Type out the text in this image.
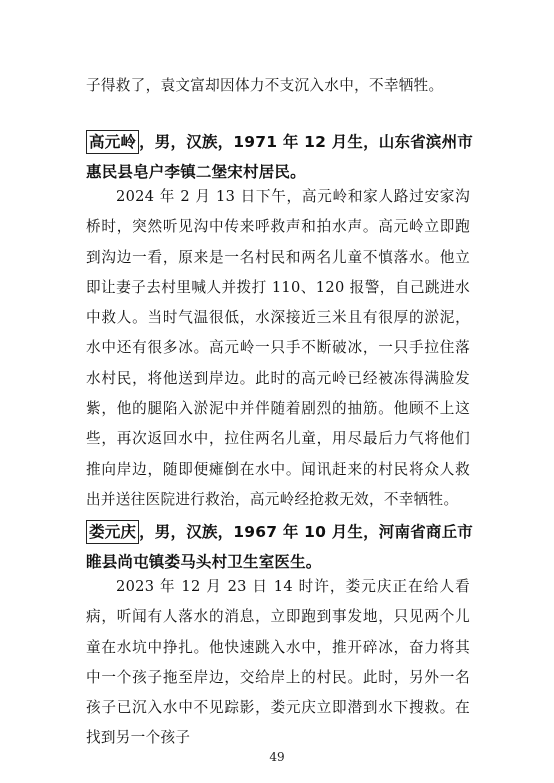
子得救了，袁文富却因体力不支沉入水中，不幸牺牲。
高元岭 ，男，汉族，1971 年 12 月生，山东省滨州市惠民县皂户李镇二堡宋村居民。
2024 年 2 月 13 日下午，高元岭和家人路过安家沟桥时，突然听见沟中传来呼救声和拍水声。高元岭立即跑到沟边一看，原来是一名村民和两名儿童不慎落水。他立即让妻子去村里喊人并拨打 110、120 报警，自己跳进水中救人。当时气温很低，水深接近三米且有很厚的淤泥，水中还有很多冰。高元岭一只手不断破冰，一只手拉住落水村民，将他送到岸边。此时的高元岭已经被冻得满脸发紫，他的腿陷入淤泥中并伴随着剧烈的抽筋。他顾不上这些，再次返回水中，拉住两名儿童，用尽最后力气将他们推向岸边，随即便瘫倒在水中。闻讯赶来的村民将众人救出并送往医院进行救治，高元岭经抢救无效，不幸牺牲。
娄元庆 ，男，汉族，1967 年 10 月生，河南省商丘市睢县尚屯镇娄马头村卫生室医生。
2023 年 12 月 23 日 14 时许，娄元庆正在给人看病，听闻有人落水的消息，立即跑到事发地，只见两个儿童在水坑中挣扎。他快速跳入水中，推开碎冰，奋力将其中一个孩子拖至岸边，交给岸上的村民。此时，另外一名孩子已沉入水中不见踪影，娄元庆立即潜到水下搜救。在找到另一个孩子
49
